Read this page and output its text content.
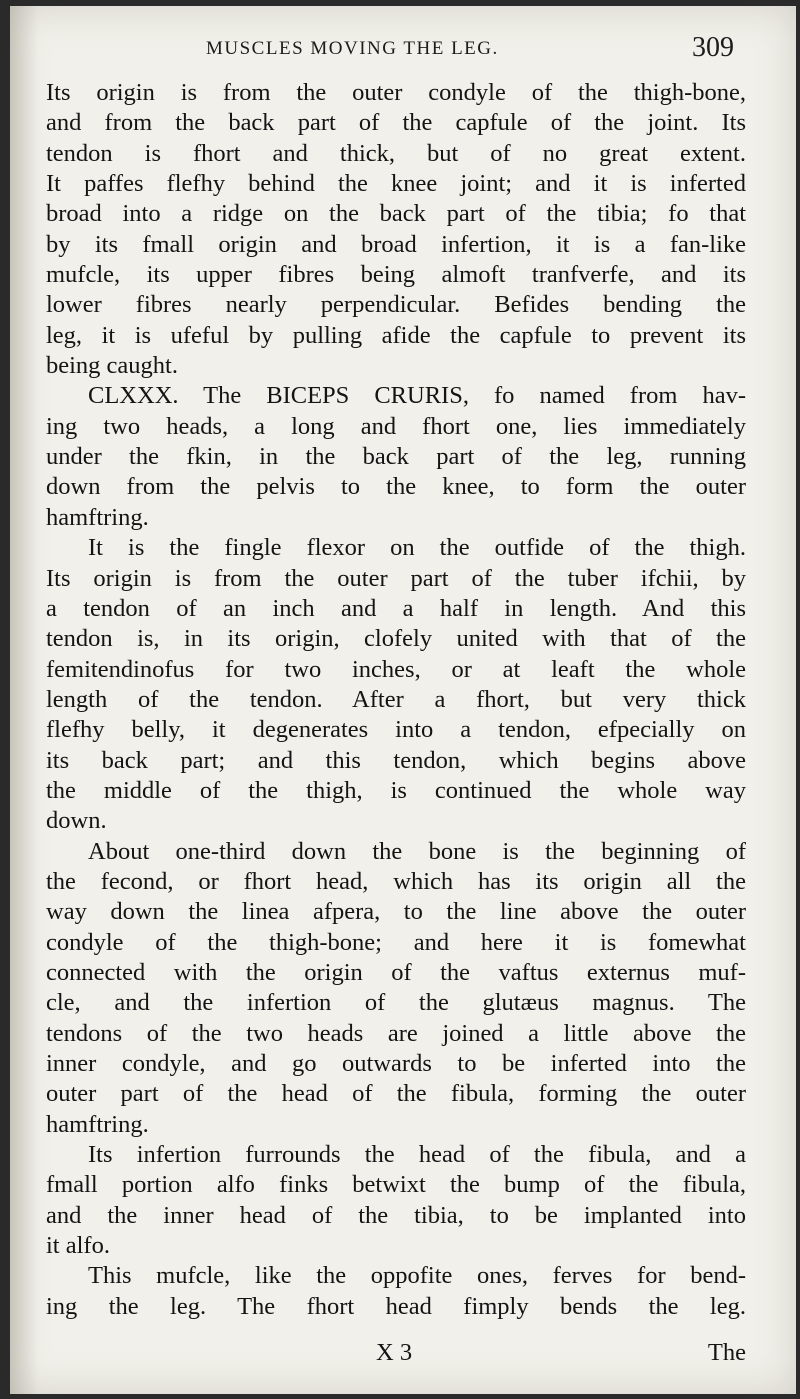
MUSCLES MOVING THE LEG.	309
Its origin is from the outer condyle of the thigh-bone,
and from the back part of the capfule of the joint. Its
tendon is fhort and thick, but of no great extent.
It paffes flefhy behind the knee joint; and it is inferted
broad into a ridge on the back part of the tibia; fo that
by its fmall origin and broad infertion, it is a fan-like
mufcle, its upper fibres being almoft tranfverfe, and its
lower fibres nearly perpendicular. Befides bending the
leg, it is ufeful by pulling afide the capfule to prevent its
being caught.
CLXXX. The BICEPS CRURIS, fo named from hav-
ing two heads, a long and fhort one, lies immediately
under the fkin, in the back part of the leg, running
down from the pelvis to the knee, to form the outer
hamftring.
It is the fingle flexor on the outfide of the thigh.
Its origin is from the outer part of the tuber ifchii, by
a tendon of an inch and a half in length. And this
tendon is, in its origin, clofely united with that of the
femitendinofus for two inches, or at leaft the whole
length of the tendon. After a fhort, but very thick
flefhy belly, it degenerates into a tendon, efpecially on
its back part; and this tendon, which begins above
the middle of the thigh, is continued the whole way
down.
About one-third down the bone is the beginning of
the fecond, or fhort head, which has its origin all the
way down the linea afpera, to the line above the outer
condyle of the thigh-bone; and here it is fomewhat
connected with the origin of the vaftus externus muf-
cle, and the infertion of the glutæus magnus. The
tendons of the two heads are joined a little above the
inner condyle, and go outwards to be inferted into the
outer part of the head of the fibula, forming the outer
hamftring.
Its infertion furrounds the head of the fibula, and a
fmall portion alfo finks betwixt the bump of the fibula,
and the inner head of the tibia, to be implanted into
it alfo.
This mufcle, like the oppofite ones, ferves for bend-
ing the leg. The fhort head fimply bends the leg.
X 3	The
